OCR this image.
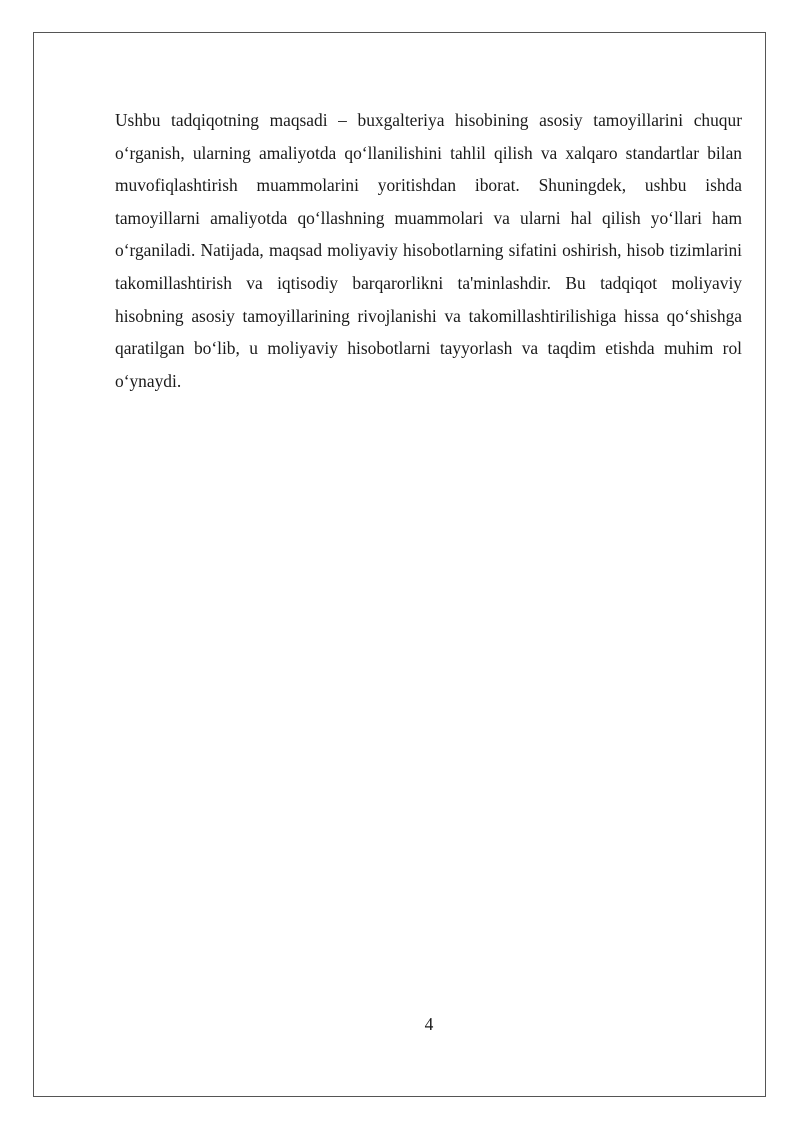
Ushbu tadqiqotning maqsadi – buxgalteriya hisobining asosiy tamoyillarini chuqur o‘rganish, ularning amaliyotda qo‘llanilishini tahlil qilish va xalqaro standartlar bilan muvofiqlashtirish muammolarini yoritishdan iborat. Shuningdek, ushbu ishda tamoyillarni amaliyotda qo‘llashning muammolari va ularni hal qilish yo‘llari ham o‘rganiladi. Natijada, maqsad moliyaviy hisobotlarning sifatini oshirish, hisob tizimlarini takomillashtirish va iqtisodiy barqarorlikni ta'minlashdir. Bu tadqiqot moliyaviy hisobning asosiy tamoyillarining rivojlanishi va takomillashtirilishiga hissa qo‘shishga qaratilgan bo‘lib, u moliyaviy hisobotlarni tayyorlash va taqdim etishda muhim rol o‘ynaydi.

4
